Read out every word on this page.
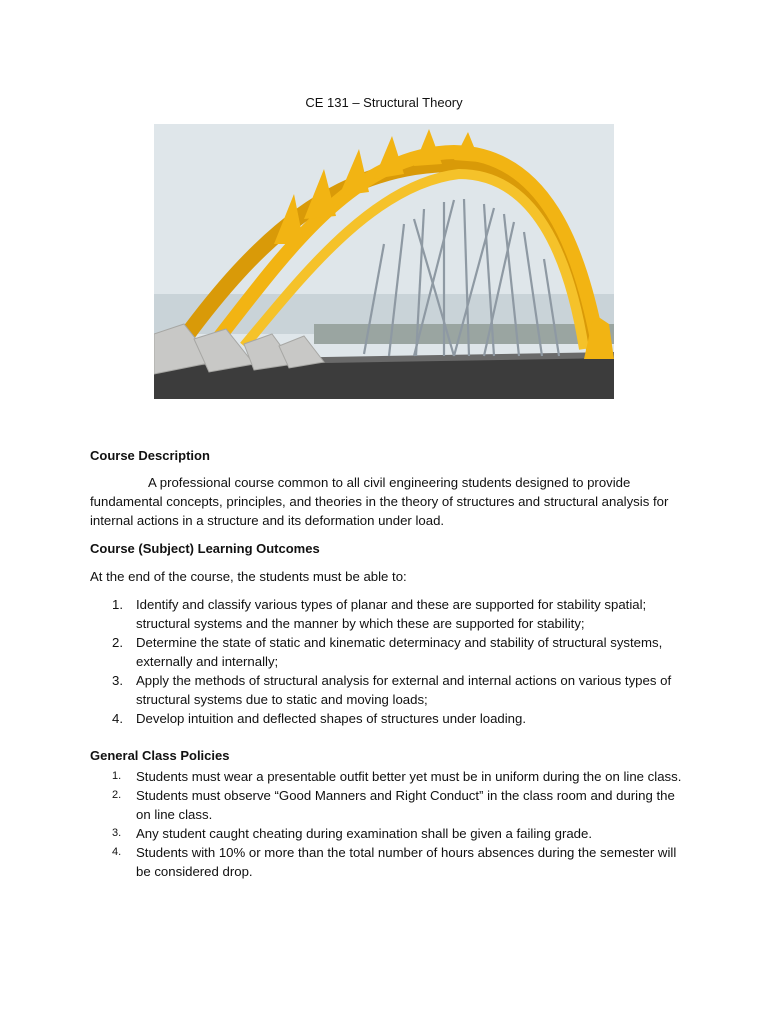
CE 131 – Structural Theory
Course Description
A professional course common to all civil engineering students designed to provide fundamental concepts, principles, and theories in the theory of structures and structural analysis for internal actions in a structure and its deformation under load.
Course (Subject) Learning Outcomes
At the end of the course, the students must be able to:
1. Identify and classify various types of planar and these are supported for stability spatial; structural systems and the manner by which these are supported for stability;
2. Determine the state of static and kinematic determinacy and stability of structural systems, externally and internally;
3. Apply the methods of structural analysis for external and internal actions on various types of structural systems due to static and moving loads;
4. Develop intuition and deflected shapes of structures under loading.
General Class Policies
1. Students must wear a presentable outfit better yet must be in uniform during the on line class.
2. Students must observe “Good Manners and Right Conduct” in the class room and during the on line class.
3. Any student caught cheating during examination shall be given a failing grade.
4. Students with 10% or more than the total number of hours absences during the semester will be considered drop.
